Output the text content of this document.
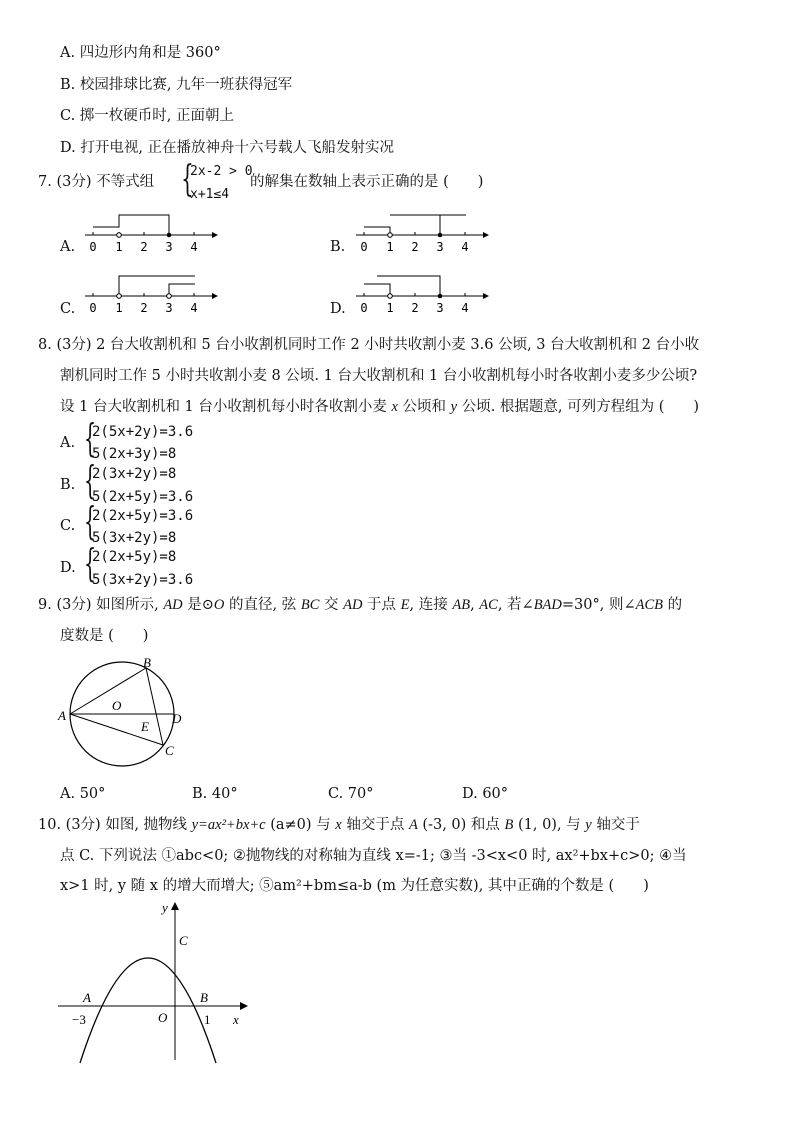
A. 四边形内角和是 360°
B. 校园排球比赛, 九年一班获得冠军
C. 掷一枚硬币时, 正面朝上
D. 打开电视, 正在播放神舟十六号载人飞船发射实况
7. (3分) 不等式组 {
2x-2 > 0
x+1≤4
的解集在数轴上表示正确的是 (　　)
A.	B.
C.	D.
0 1 2 3 4	0 1 2 3 4
0 1 2 3 4	0 1 2 3 4
8. (3分) 2 台大收割机和 5 台小收割机同时工作 2 小时共收割小麦 3.6 公顷, 3 台大收割机和 2 台小收
割机同时工作 5 小时共收割小麦 8 公顷. 1 台大收割机和 1 台小收割机每小时各收割小麦多少公顷?
设 1 台大收割机和 1 台小收割机每小时各收割小麦 x 公顷和 y 公顷. 根据题意, 可列方程组为 (　　)
A. {
2(5x+2y)=3.6
5(2x+3y)=8
B. {
2(3x+2y)=8
5(2x+5y)=3.6
C. {
2(2x+5y)=3.6
5(3x+2y)=8
D. {
2(2x+5y)=8
5(3x+2y)=3.6
9. (3分) 如图所示, AD 是⊙O 的直径, 弦 BC 交 AD 于点 E, 连接 AB, AC, 若∠BAD=30°, 则∠ACB 的
度数是 (　　)
A
B
C
D
E
O
A. 50°	B. 40°	C. 70°	D. 60°
10. (3分) 如图, 抛物线 y=ax²+bx+c (a≠0) 与 x 轴交于点 A (-3, 0) 和点 B (1, 0), 与 y 轴交于
点 C. 下列说法 ①abc<0; ②抛物线的对称轴为直线 x=-1; ③当 -3<x<0 时, ax²+bx+c>0; ④当
x>1 时, y 随 x 的增大而增大; ⑤am²+bm≤a-b (m 为任意实数), 其中正确的个数是 (　　)
y
x
C
A	B
O
−3	1
